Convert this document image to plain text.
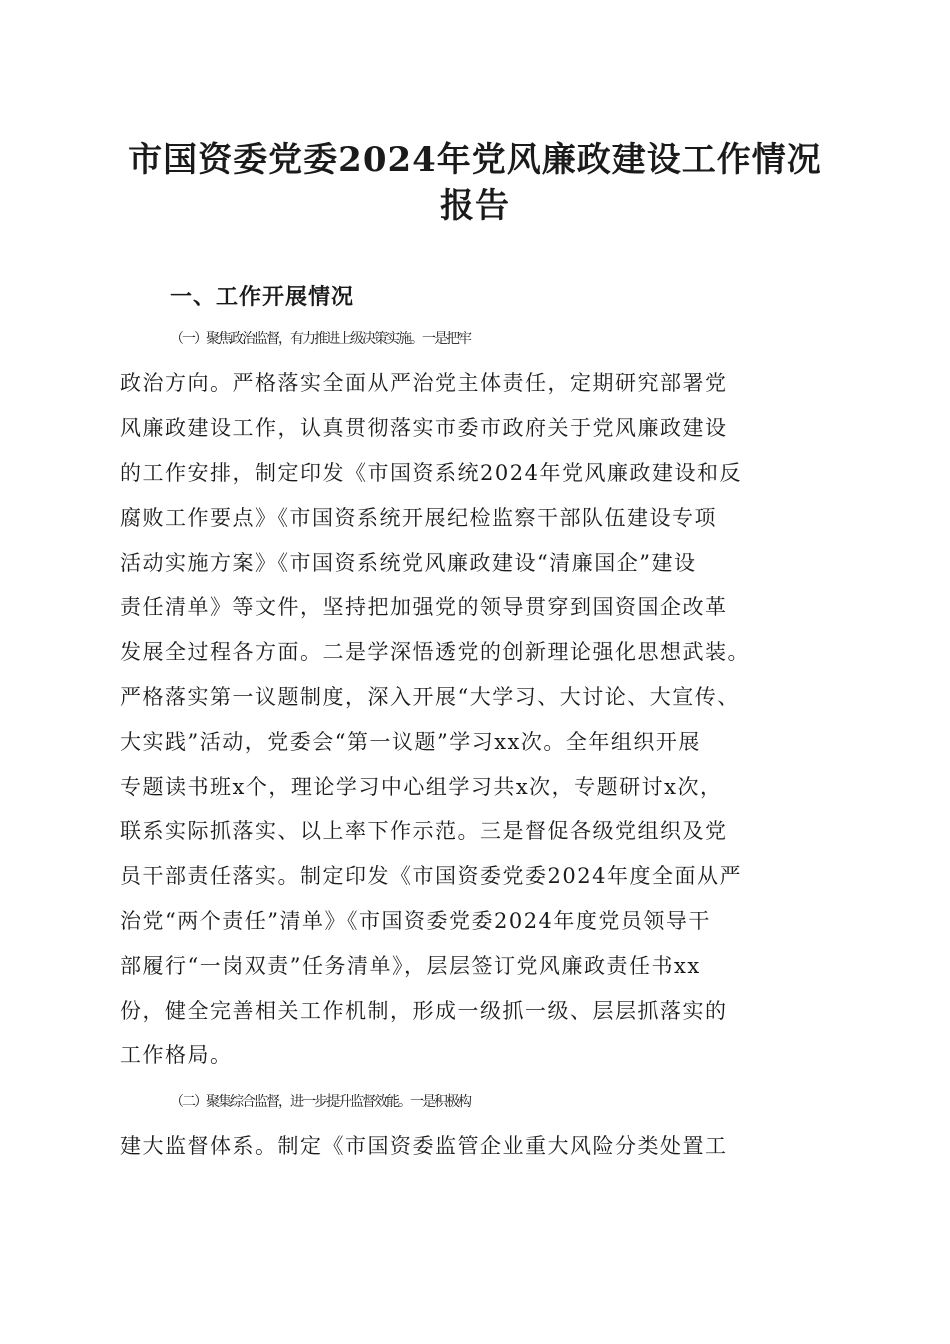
市国资委党委2024年党风廉政建设工作情况
报告
一、工作开展情况

（一）聚焦政治监督，有力推进上级决策实施。一是把牢

政治方向。严格落实全面从严治党主体责任，定期研究部署党

风廉政建设工作，认真贯彻落实市委市政府关于党风廉政建设

的工作安排，制定印发《市国资系统2024年党风廉政建设和反

腐败工作要点》《市国资系统开展纪检监察干部队伍建设专项

活动实施方案》《市国资系统党风廉政建设“清廉国企”建设

责任清单》等文件，坚持把加强党的领导贯穿到国资国企改革

发展全过程各方面。二是学深悟透党的创新理论强化思想武装。

严格落实第一议题制度，深入开展“大学习、大讨论、大宣传、

大实践”活动，党委会“第一议题”学习xx次。全年组织开展

专题读书班x个，理论学习中心组学习共x次，专题研讨x次，

联系实际抓落实、以上率下作示范。三是督促各级党组织及党

员干部责任落实。制定印发《市国资委党委2024年度全面从严

治党“两个责任”清单》《市国资委党委2024年度党员领导干

部履行“一岗双责”任务清单》，层层签订党风廉政责任书xx

份，健全完善相关工作机制，形成一级抓一级、层层抓落实的

工作格局。

（二）聚集综合监督，进一步提升监督效能。一是积极构

建大监督体系。制定《市国资委监管企业重大风险分类处置工
